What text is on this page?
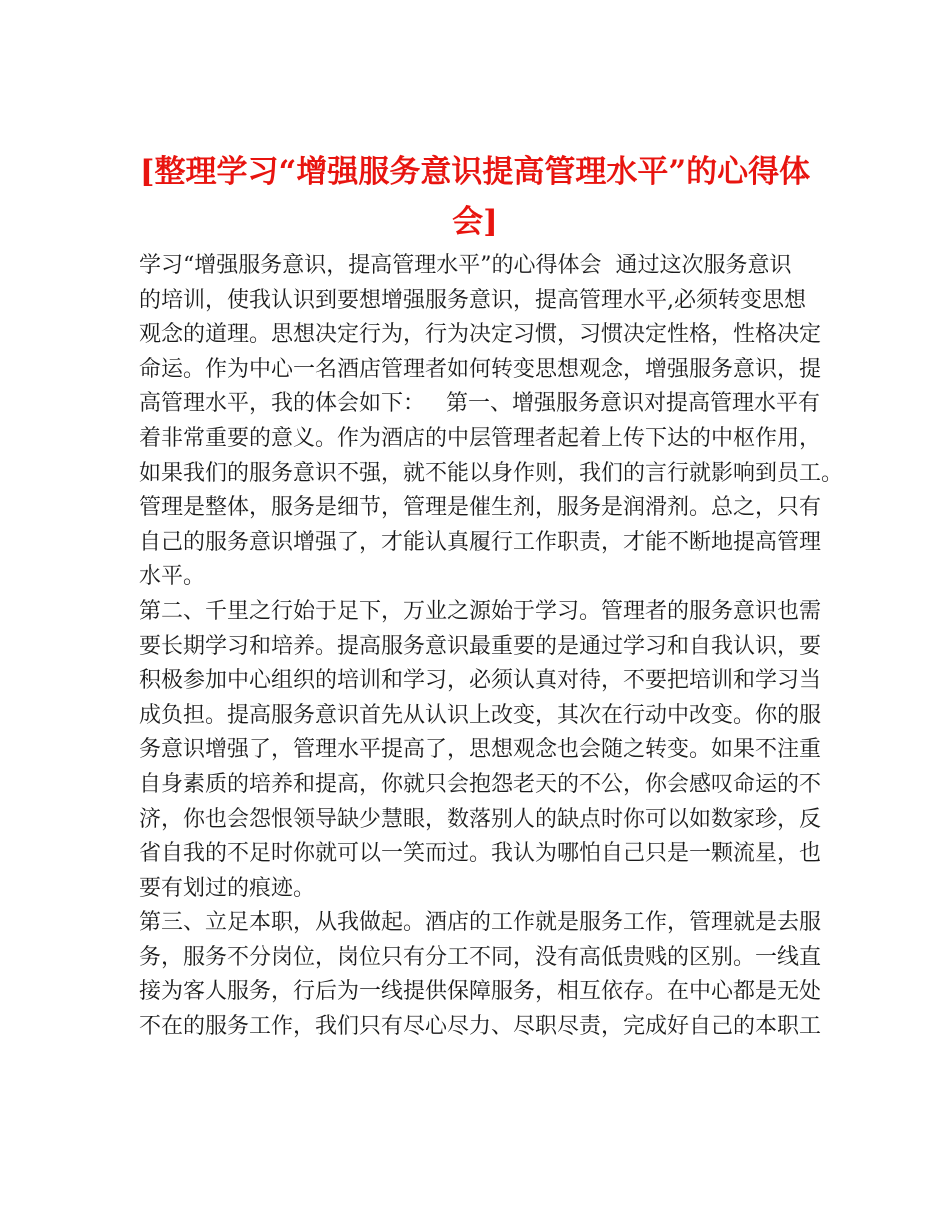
[整理学习“增强服务意识提高管理水平”的心得体
会]
学习“增强服务意识，提高管理水平”的心得体会  通过这次服务意识
的培训，使我认识到要想增强服务意识，提高管理水平,必须转变思想
观念的道理。思想决定行为，行为决定习惯，习惯决定性格，性格决定
命运。作为中心一名酒店管理者如何转变思想观念，增强服务意识，提
高管理水平，我的体会如下：   第一、增强服务意识对提高管理水平有
着非常重要的意义。作为酒店的中层管理者起着上传下达的中枢作用，
如果我们的服务意识不强，就不能以身作则，我们的言行就影响到员工。
管理是整体，服务是细节，管理是催生剂，服务是润滑剂。总之，只有
自己的服务意识增强了，才能认真履行工作职责，才能不断地提高管理
水平。
第二、千里之行始于足下，万业之源始于学习。管理者的服务意识也需
要长期学习和培养。提高服务意识最重要的是通过学习和自我认识，要
积极参加中心组织的培训和学习，必须认真对待，不要把培训和学习当
成负担。提高服务意识首先从认识上改变，其次在行动中改变。你的服
务意识增强了，管理水平提高了，思想观念也会随之转变。如果不注重
自身素质的培养和提高，你就只会抱怨老天的不公，你会感叹命运的不
济，你也会怨恨领导缺少慧眼，数落别人的缺点时你可以如数家珍，反
省自我的不足时你就可以一笑而过。我认为哪怕自己只是一颗流星，也
要有划过的痕迹。
第三、立足本职，从我做起。酒店的工作就是服务工作，管理就是去服
务，服务不分岗位，岗位只有分工不同，没有高低贵贱的区别。一线直
接为客人服务，行后为一线提供保障服务，相互依存。在中心都是无处
不在的服务工作，我们只有尽心尽力、尽职尽责，完成好自己的本职工
